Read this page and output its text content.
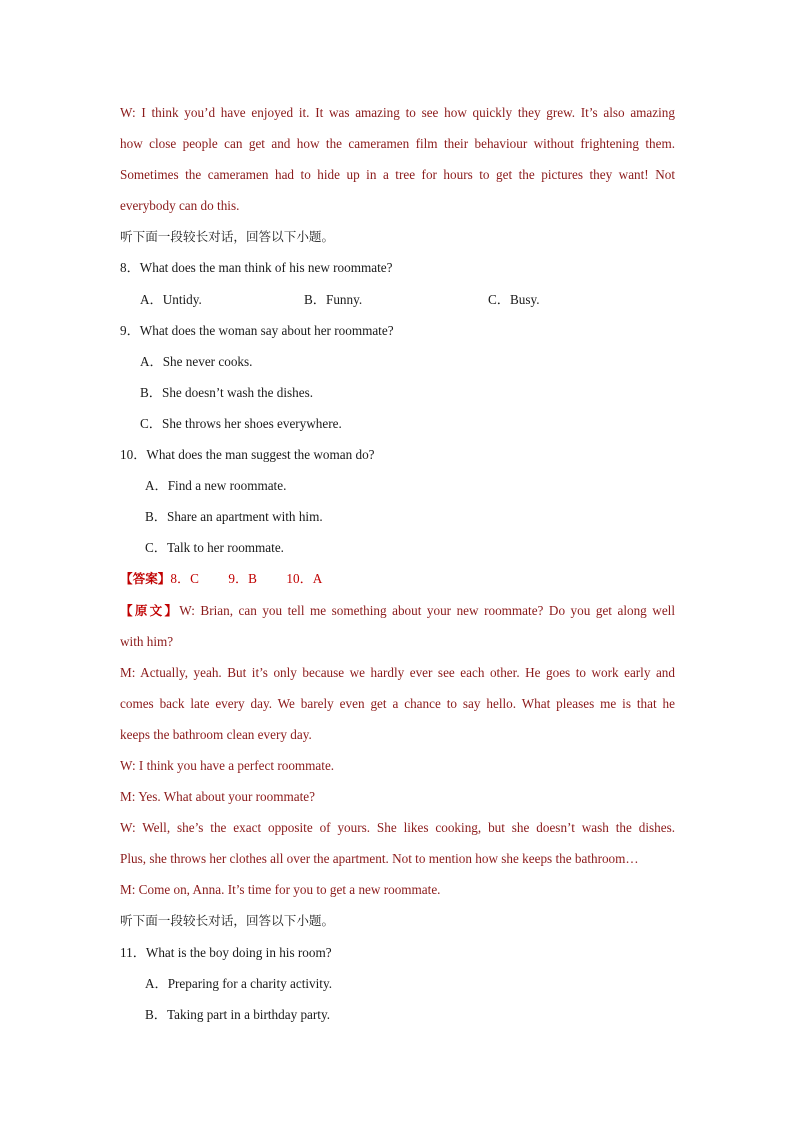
W: I think you’d have enjoyed it. It was amazing to see how quickly they grew. It’s also amazing
how close people can get and how the cameramen film their behaviour without frightening them.
Sometimes the cameramen had to hide up in a tree for hours to get the pictures they want! Not
everybody can do this.
听下面一段较长对话，回答以下小题。
8．What does the man think of his new roommate?
A．Untidy.	B．Funny.	C．Busy.
9．What does the woman say about her roommate?
A．She never cooks.
B．She doesn’t wash the dishes.
C．She throws her shoes everywhere.
10．What does the man suggest the woman do?
A．Find a new roommate.
B．Share an apartment with him.
C．Talk to her roommate.
【答案】8．C 9．B 10．A
【原文】W: Brian, can you tell me something about your new roommate? Do you get along well
with him?
M: Actually, yeah. But it’s only because we hardly ever see each other. He goes to work early and
comes back late every day. We barely even get a chance to say hello. What pleases me is that he
keeps the bathroom clean every day.
W: I think you have a perfect roommate.
M: Yes. What about your roommate?
W: Well, she’s the exact opposite of yours. She likes cooking, but she doesn’t wash the dishes.
Plus, she throws her clothes all over the apartment. Not to mention how she keeps the bathroom…
M: Come on, Anna. It’s time for you to get a new roommate.
听下面一段较长对话，回答以下小题。
11．What is the boy doing in his room?
A．Preparing for a charity activity.
B．Taking part in a birthday party.
